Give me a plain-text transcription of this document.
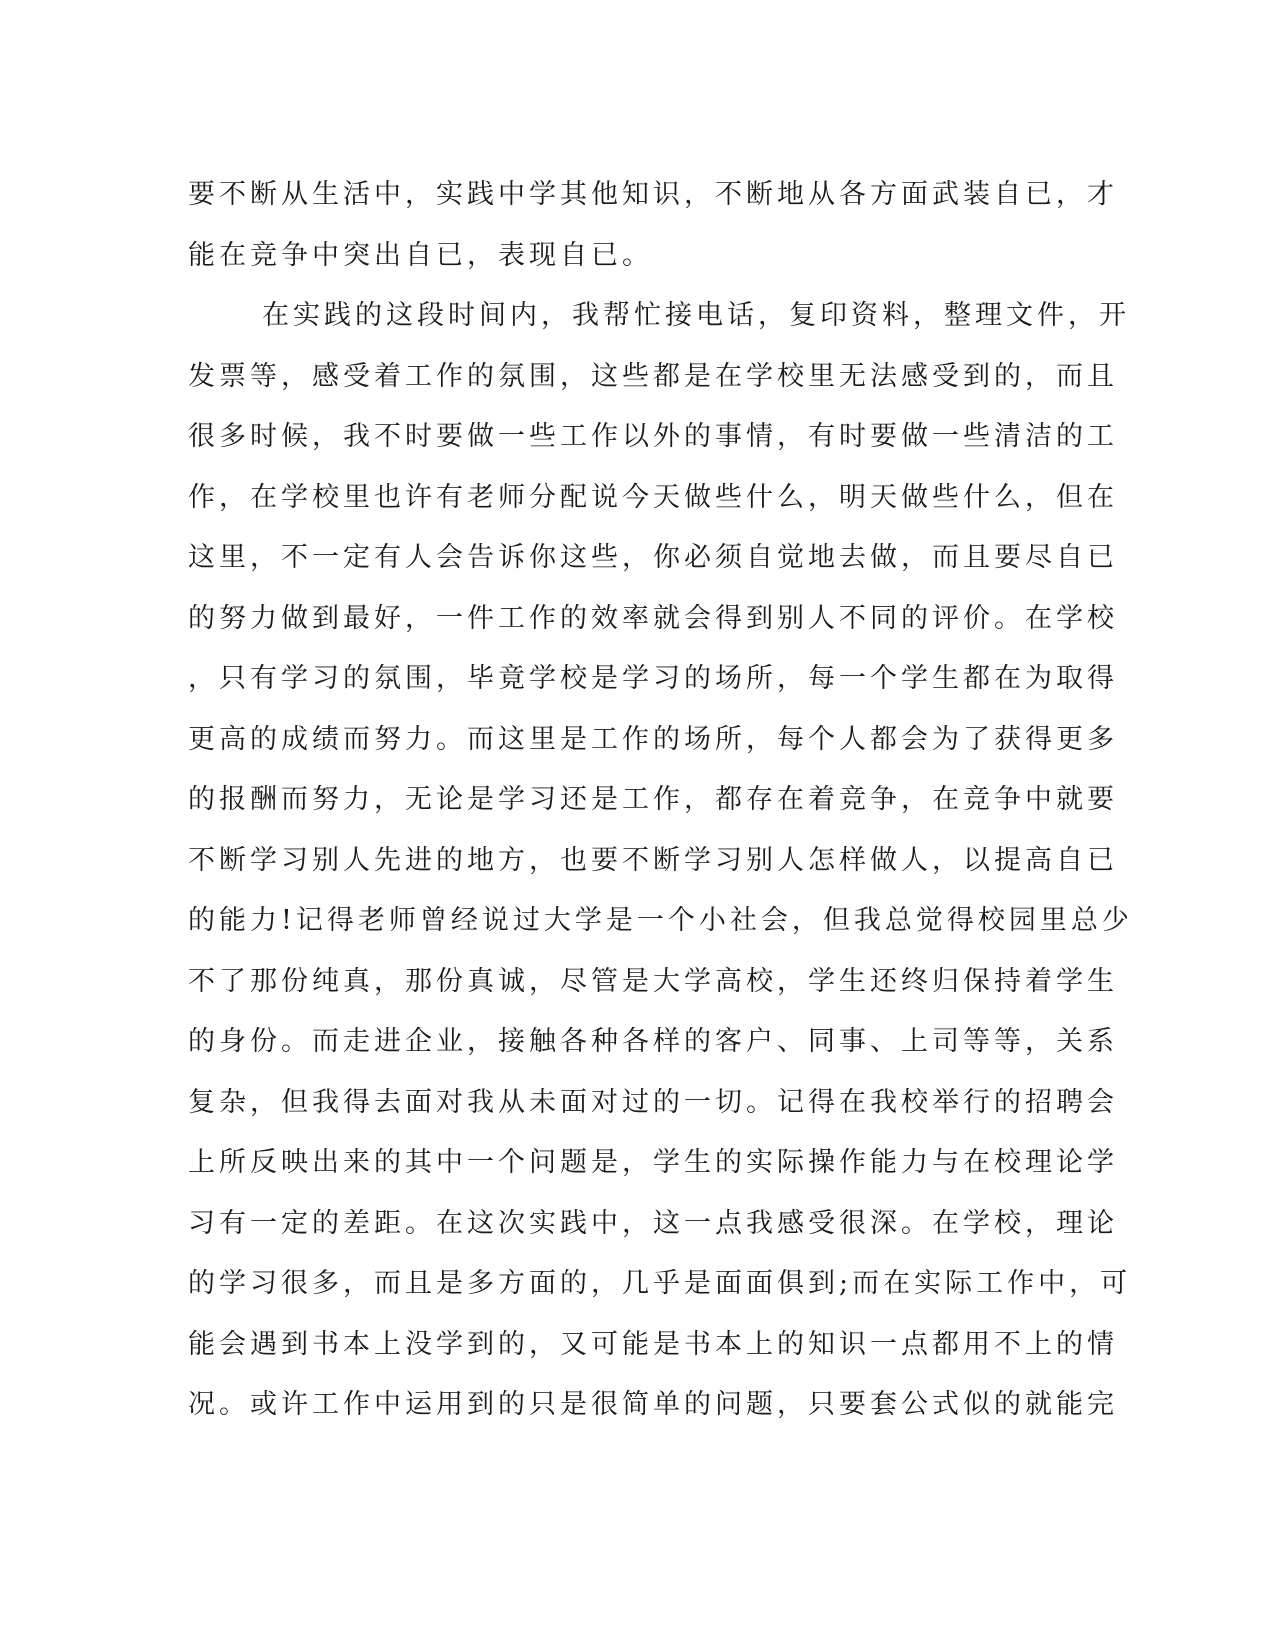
要不断从生活中，实践中学其他知识，不断地从各方面武装自已，才
能在竞争中突出自已，表现自已。
在实践的这段时间内，我帮忙接电话，复印资料，整理文件，开
发票等，感受着工作的氛围，这些都是在学校里无法感受到的，而且
很多时候，我不时要做一些工作以外的事情，有时要做一些清洁的工
作，在学校里也许有老师分配说今天做些什么，明天做些什么，但在
这里，不一定有人会告诉你这些，你必须自觉地去做，而且要尽自已
的努力做到最好，一件工作的效率就会得到别人不同的评价。在学校
，只有学习的氛围，毕竟学校是学习的场所，每一个学生都在为取得
更高的成绩而努力。而这里是工作的场所，每个人都会为了获得更多
的报酬而努力，无论是学习还是工作，都存在着竞争，在竞争中就要
不断学习别人先进的地方，也要不断学习别人怎样做人，以提高自已
的能力!记得老师曾经说过大学是一个小社会，但我总觉得校园里总少
不了那份纯真，那份真诚，尽管是大学高校，学生还终归保持着学生
的身份。而走进企业，接触各种各样的客户、同事、上司等等，关系
复杂，但我得去面对我从未面对过的一切。记得在我校举行的招聘会
上所反映出来的其中一个问题是，学生的实际操作能力与在校理论学
习有一定的差距。在这次实践中，这一点我感受很深。在学校，理论
的学习很多，而且是多方面的，几乎是面面俱到;而在实际工作中，可
能会遇到书本上没学到的，又可能是书本上的知识一点都用不上的情
况。或许工作中运用到的只是很简单的问题，只要套公式似的就能完
